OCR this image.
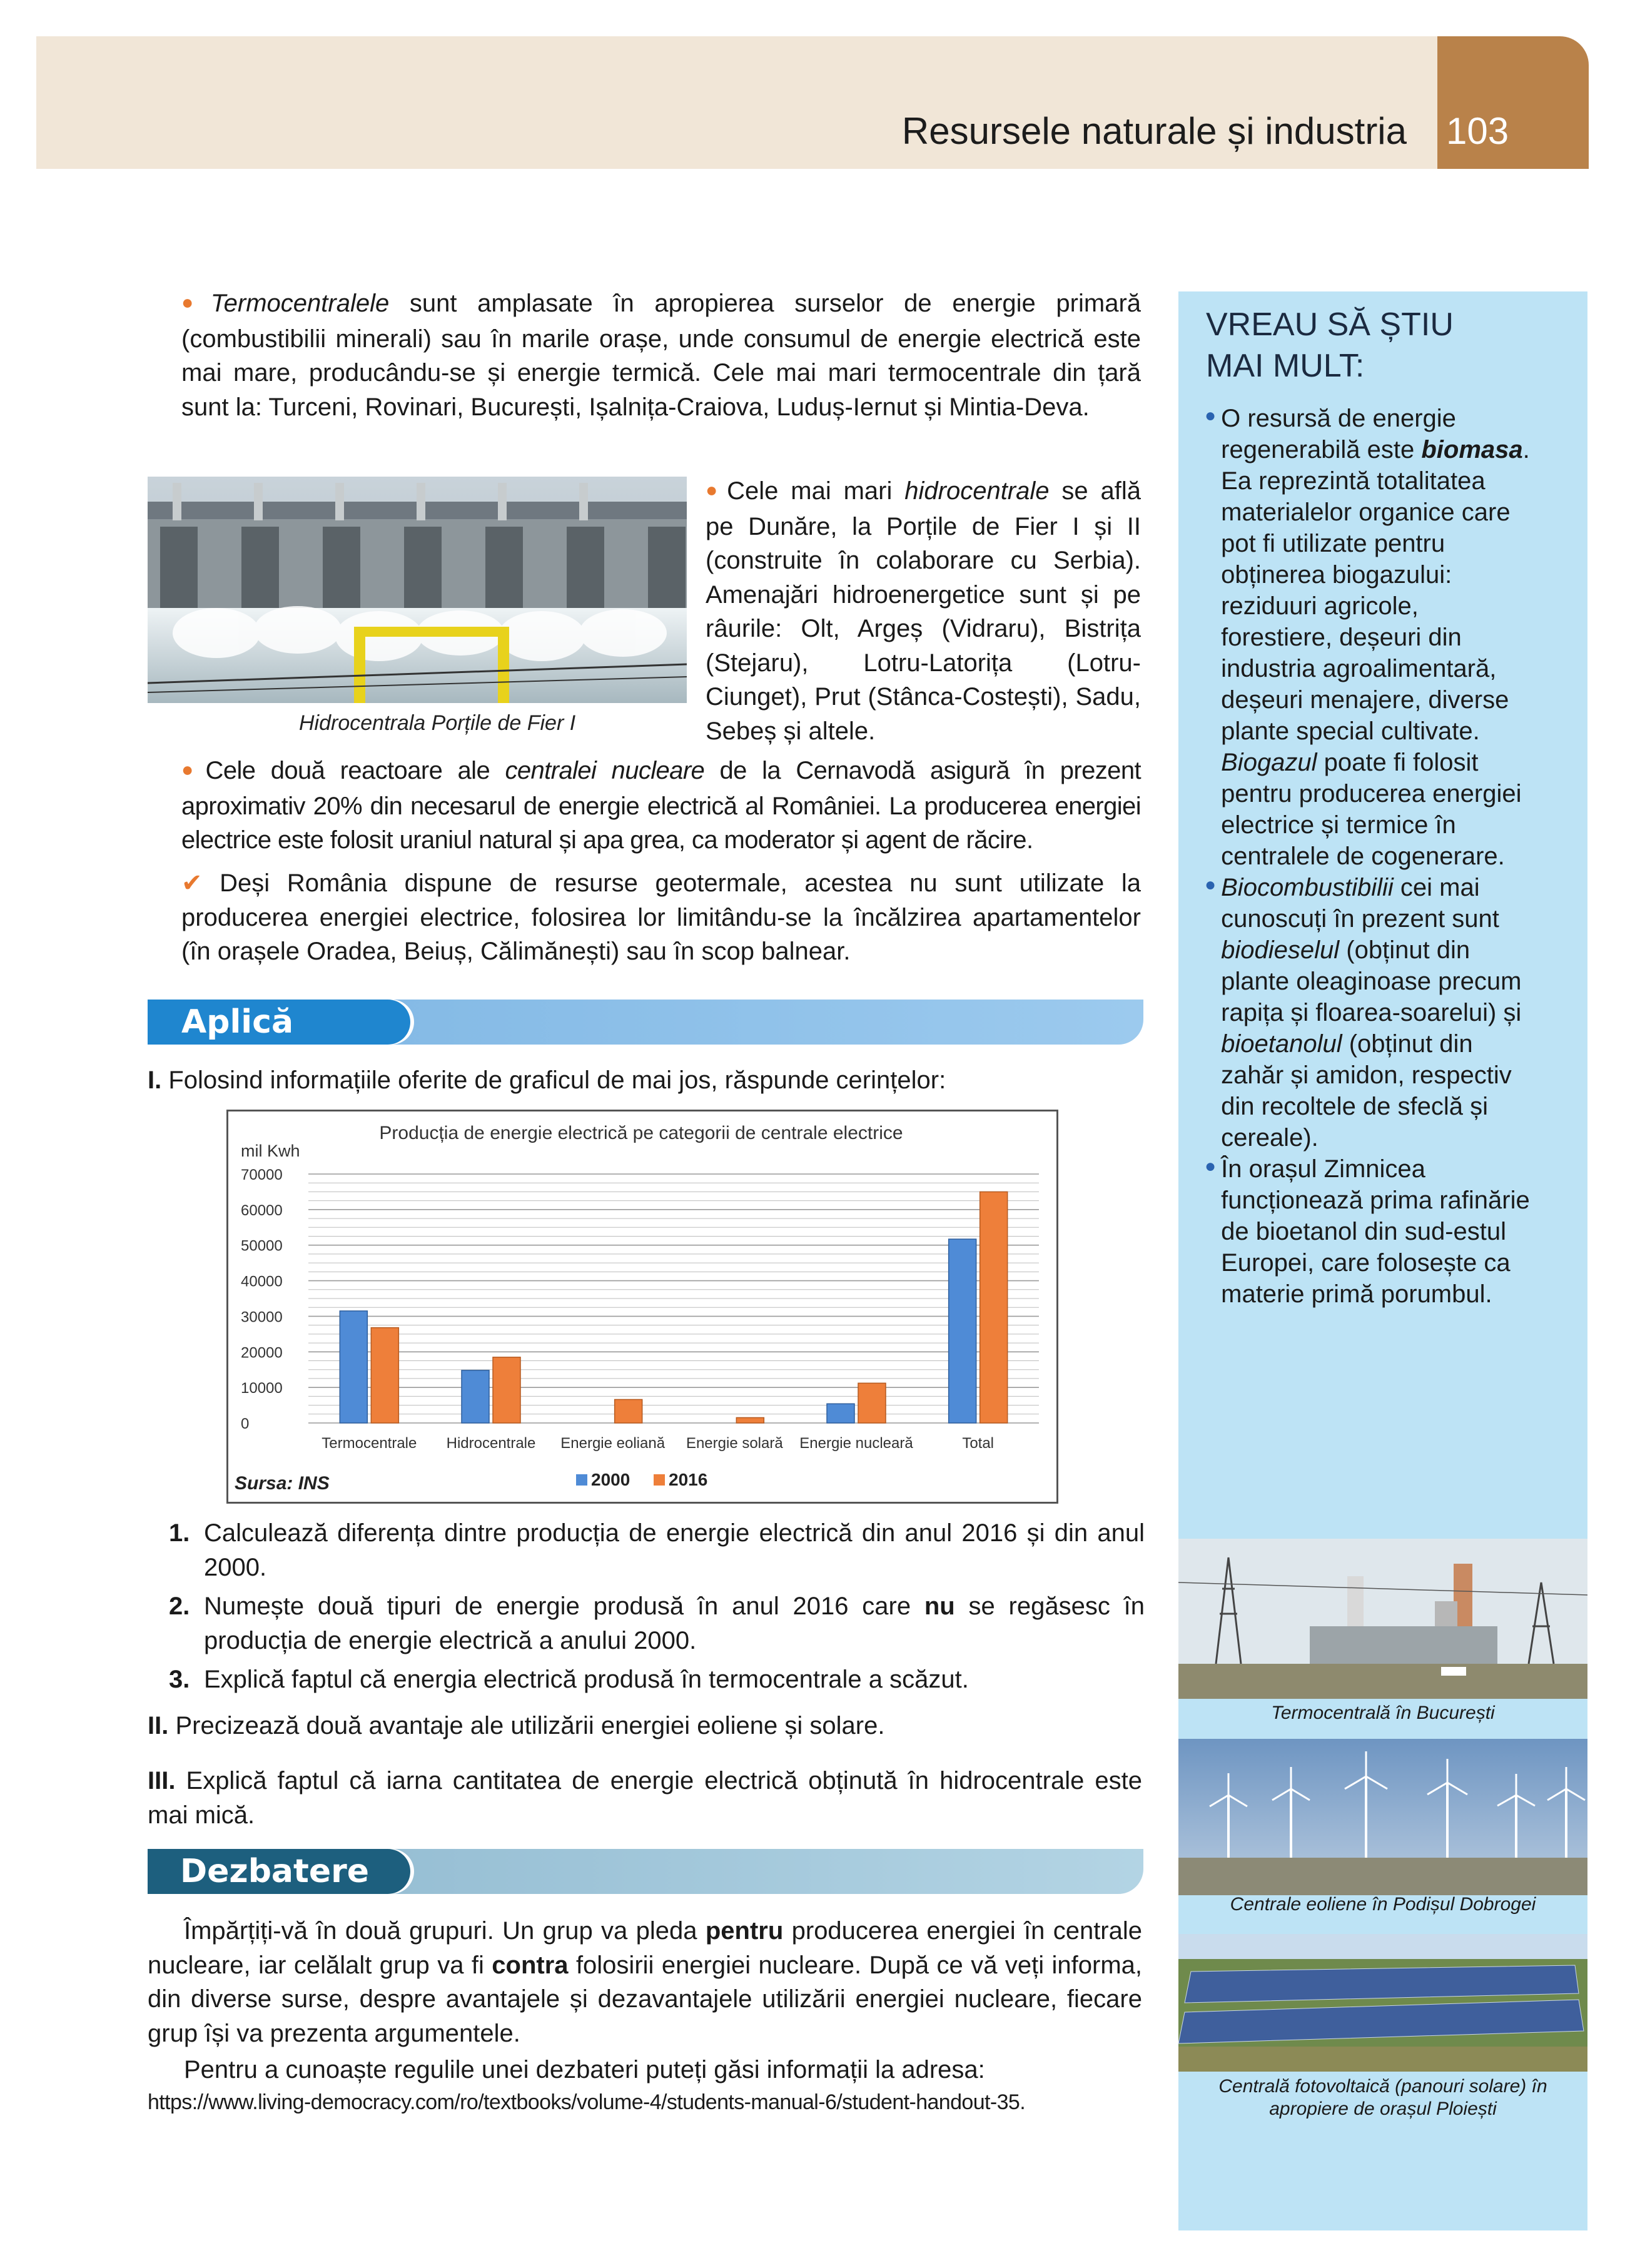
Resursele naturale și industria 103

● Termocentralele sunt amplasate în apropierea surselor de energie primară (combustibilii minerali) sau în marile orașe, unde consumul de energie electrică este mai mare, producându-se și energie termică. Cele mai mari termocentrale din țară sunt la: Turceni, Rovinari, București, Ișalnița-Craiova, Luduș-Iernut și Mintia-Deva.

Hidrocentrala Porțile de Fier I

● Cele mai mari hidrocentrale se află pe Dunăre, la Porțile de Fier I și II (construite în colaborare cu Serbia). Amenajări hidroenergetice sunt și pe râurile: Olt, Argeș (Vidraru), Bistrița (Stejaru), Lotru-Latorița (Lotru-Ciunget), Prut (Stânca-Costești), Sadu, Sebeș și altele.

● Cele două reactoare ale centralei nucleare de la Cernavodă asigură în prezent aproximativ 20% din necesarul de energie electrică al României. La producerea energiei electrice este folosit uraniul natural și apa grea, ca moderator și agent de răcire.

✔ Deși România dispune de resurse geotermale, acestea nu sunt utilizate la producerea energiei electrice, folosirea lor limitându-se la încălzirea apartamentelor (în orașele Oradea, Beiuș, Călimănești) sau în scop balnear.

Aplică
I. Folosind informațiile oferite de graficul de mai jos, răspunde cerințelor:
Producția de energie electrică pe categorii de centrale electrice
mil Kwh
0
10000
20000
30000
40000
50000
60000
70000
Termocentrale Hidrocentrale Energie eoliană Energie solară Energie nucleară	Total
Sursa: INS	2000 2016
1. Calculează diferența dintre producția de energie electrică din anul 2016 și din anul 2000.
2. Numește două tipuri de energie produsă în anul 2016 care nu se regăsesc în producția de energie electrică a anului 2000.
3. Explică faptul că energia electrică produsă în termocentrale a scăzut.
II. Precizează două avantaje ale utilizării energiei eoliene și solare.
III. Explică faptul că iarna cantitatea de energie electrică obținută în hidrocentrale este mai mică.
Dezbatere

Împărțiți-vă în două grupuri. Un grup va pleda pentru producerea energiei în centrale nucleare, iar celălalt grup va fi contra folosirii energiei nucleare. După ce vă veți informa, din diverse surse, despre avantajele și dezavantajele utilizării energiei nucleare, fiecare grup își va prezenta argumentele.

Pentru a cunoaște regulile unei dezbateri puteți găsi informații la adresa:

https://www.living-democracy.com/ro/textbooks/volume-4/students-manual-6/student-handout-35.
VREAU SĂ ȘTIU
MAI MULT:
● O resursă de energie regenerabilă este biomasa. Ea reprezintă totalitatea materialelor organice care pot fi utilizate pentru obținerea biogazului: reziduuri agricole, forestiere, deșeuri din industria agroalimentară, deșeuri menajere, diverse plante special cultivate. Biogazul poate fi folosit pentru producerea energiei electrice și termice în centralele de cogenerare.
● Biocombustibilii cei mai cunoscuți în prezent sunt biodieselul (obținut din plante oleaginoase precum rapița și floarea-soarelui) și bioetanolul (obținut din zahăr și amidon, respectiv din recoltele de sfeclă și cereale).
● În orașul Zimnicea funcționează prima rafinărie de bioetanol din sud-estul Europei, care folosește ca materie primă porumbul.
Termocentrală în București
Centrale eoliene în Podișul Dobrogei
Centrală fotovoltaică (panouri solare) în apropiere de orașul Ploiești
